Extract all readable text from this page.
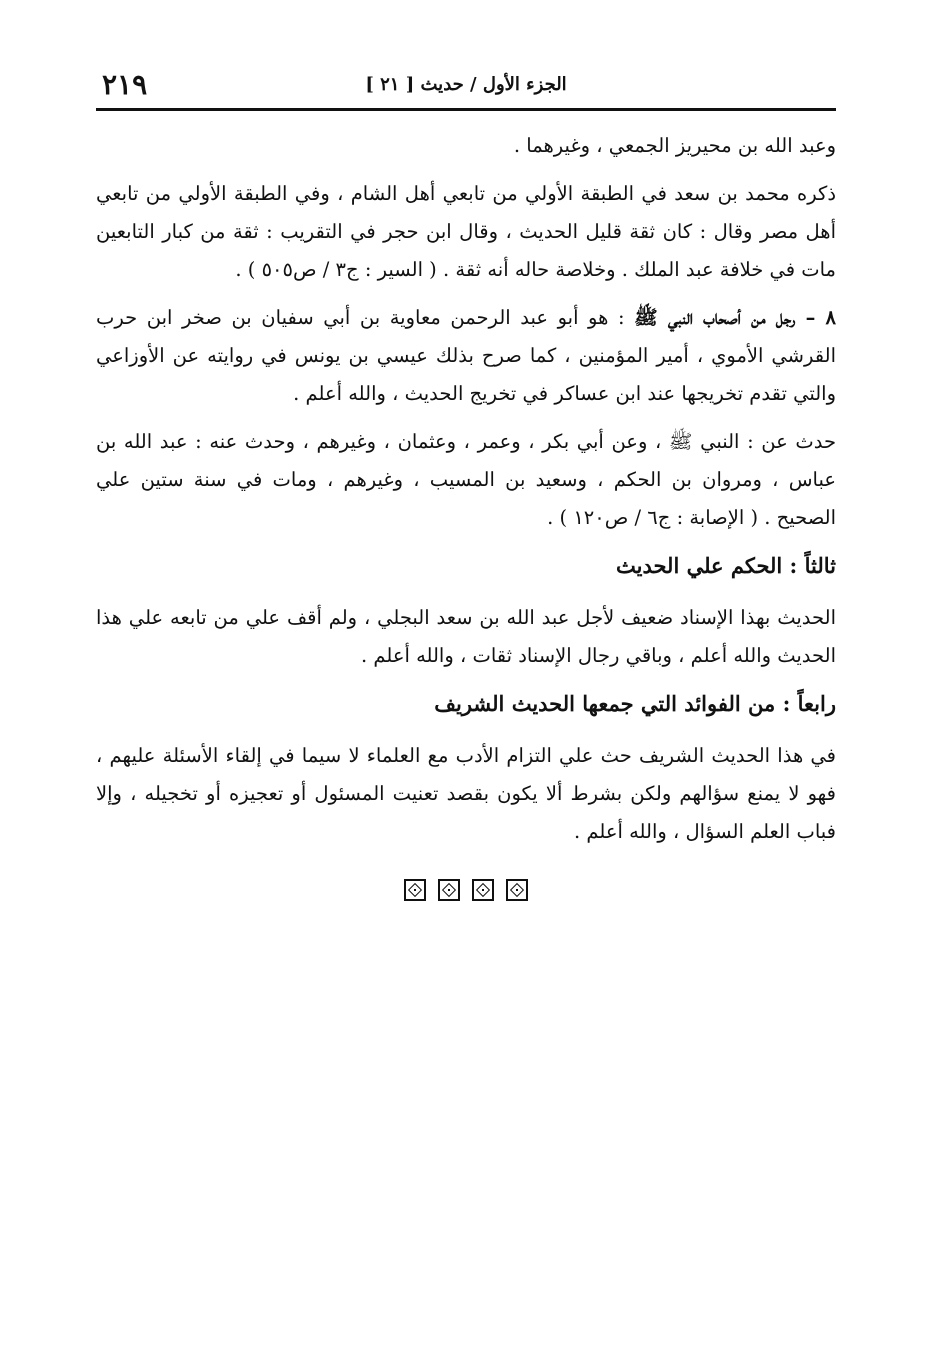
الجزء الأول / حديث [ ٢١ ]
٢١٩

وعبد الله بن محيريز الجمعي ، وغيرهما .

ذكره محمد بن سعد في الطبقة الأولي من تابعي أهل الشام ، وفي الطبقة الأولي من تابعي أهل مصر وقال : كان ثقة قليل الحديث ، وقال ابن حجر في التقريب : ثقة من كبار التابعين مات في خلافة عبد الملك . وخلاصة حاله أنه ثقة . ( السير : ج٣ / ص٥٠٥ ) .

٨ – رجل من أصحاب النبي ﷺ : هو أبو عبد الرحمن معاوية بن أبي سفيان بن صخر ابن حرب القرشي الأموي ، أمير المؤمنين ، كما صرح بذلك عيسي بن يونس في روايته عن الأوزاعي والتي تقدم تخريجها عند ابن عساكر في تخريج الحديث ، والله أعلم .

حدث عن : النبي ﷺ ، وعن أبي بكر ، وعمر ، وعثمان ، وغيرهم ، وحدث عنه : عبد الله بن عباس ، ومروان بن الحكم ، وسعيد بن المسيب ، وغيرهم ، ومات في سنة ستين علي الصحيح . ( الإصابة : ج٦ / ص١٢٠ ) .

ثالثاً : الحكم علي الحديث

الحديث بهذا الإسناد ضعيف لأجل عبد الله بن سعد البجلي ، ولم أقف علي من تابعه علي هذا الحديث والله أعلم ، وباقي رجال الإسناد ثقات ، والله أعلم .

رابعاً : من الفوائد التي جمعها الحديث الشريف

في هذا الحديث الشريف حث علي التزام الأدب مع العلماء لا سيما في إلقاء الأسئلة عليهم ، فهو لا يمنع سؤالهم ولكن بشرط ألا يكون بقصد تعنيت المسئول أو تعجيزه أو تخجيله ، وإلا فباب العلم السؤال ، والله أعلم .
